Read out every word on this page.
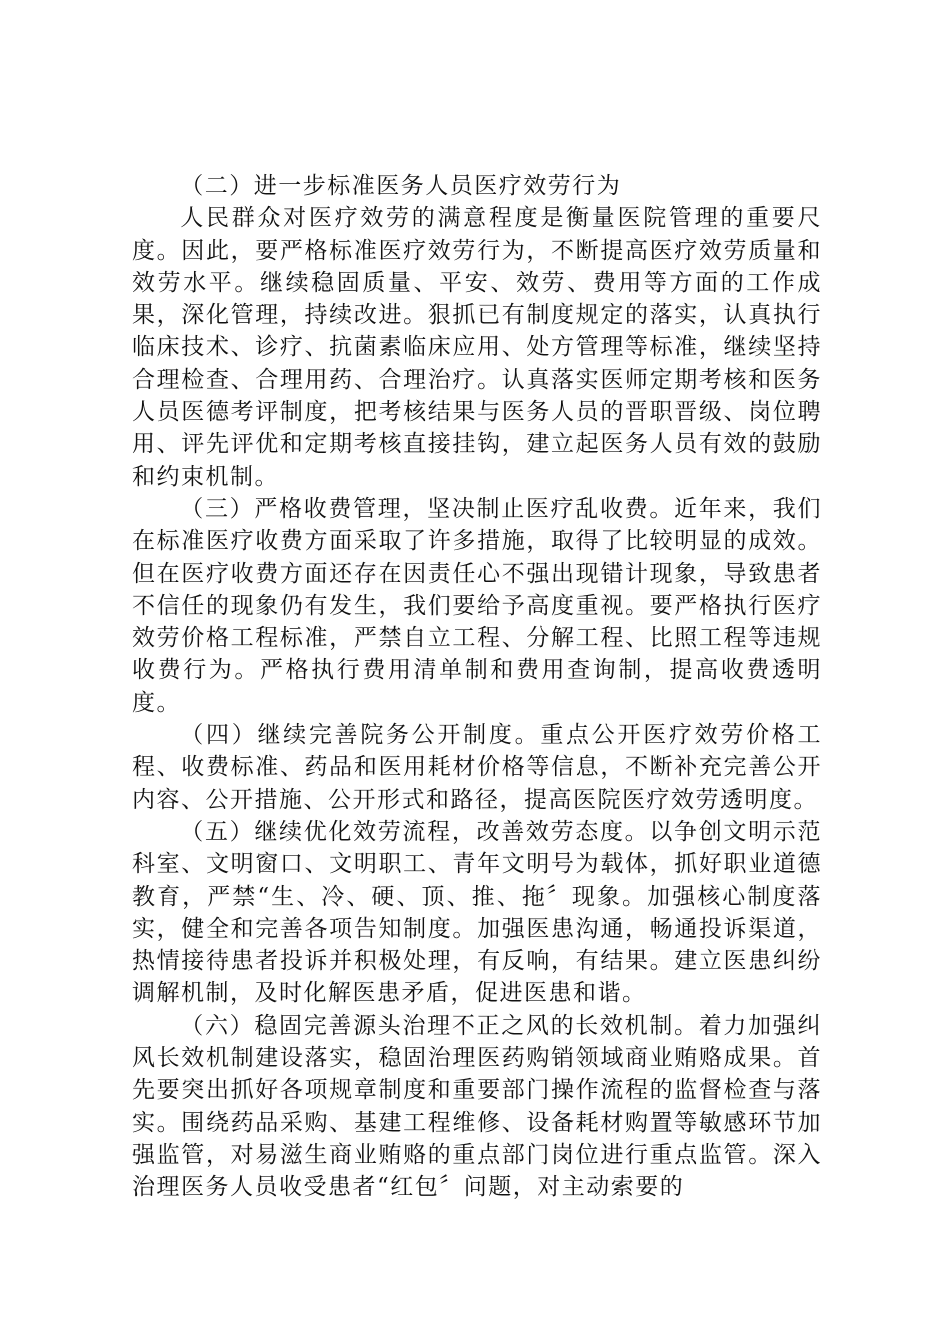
（二）进一步标准医务人员医疗效劳行为

人民群众对医疗效劳的满意程度是衡量医院管理的重要尺度。因此，要严格标准医疗效劳行为，不断提高医疗效劳质量和效劳水平。继续稳固质量、平安、效劳、费用等方面的工作成果，深化管理，持续改进。狠抓已有制度规定的落实，认真执行临床技术、诊疗、抗菌素临床应用、处方管理等标准，继续坚持合理检查、合理用药、合理治疗。认真落实医师定期考核和医务人员医德考评制度，把考核结果与医务人员的晋职晋级、岗位聘用、评先评优和定期考核直接挂钩，建立起医务人员有效的鼓励和约束机制。

（三）严格收费管理，坚决制止医疗乱收费。近年来，我们在标准医疗收费方面采取了许多措施，取得了比较明显的成效。但在医疗收费方面还存在因责任心不强出现错计现象，导致患者不信任的现象仍有发生，我们要给予高度重视。要严格执行医疗效劳价格工程标准，严禁自立工程、分解工程、比照工程等违规收费行为。严格执行费用清单制和费用查询制，提高收费透明度。

（四）继续完善院务公开制度。重点公开医疗效劳价格工程、收费标准、药品和医用耗材价格等信息，不断补充完善公开内容、公开措施、公开形式和路径，提高医院医疗效劳透明度。

（五）继续优化效劳流程，改善效劳态度。以争创文明示范科室、文明窗口、文明职工、青年文明号为载体，抓好职业道德教育，严禁“生、冷、硬、顶、推、拖〞现象。加强核心制度落实，健全和完善各项告知制度。加强医患沟通，畅通投诉渠道，热情接待患者投诉并积极处理，有反响，有结果。建立医患纠纷调解机制，及时化解医患矛盾，促进医患和谐。

（六）稳固完善源头治理不正之风的长效机制。着力加强纠风长效机制建设落实，稳固治理医药购销领域商业贿赂成果。首先要突出抓好各项规章制度和重要部门操作流程的监督检查与落实。围绕药品采购、基建工程维修、设备耗材购置等敏感环节加强监管，对易滋生商业贿赂的重点部门岗位进行重点监管。深入治理医务人员收受患者“红包〞问题，对主动索要的
